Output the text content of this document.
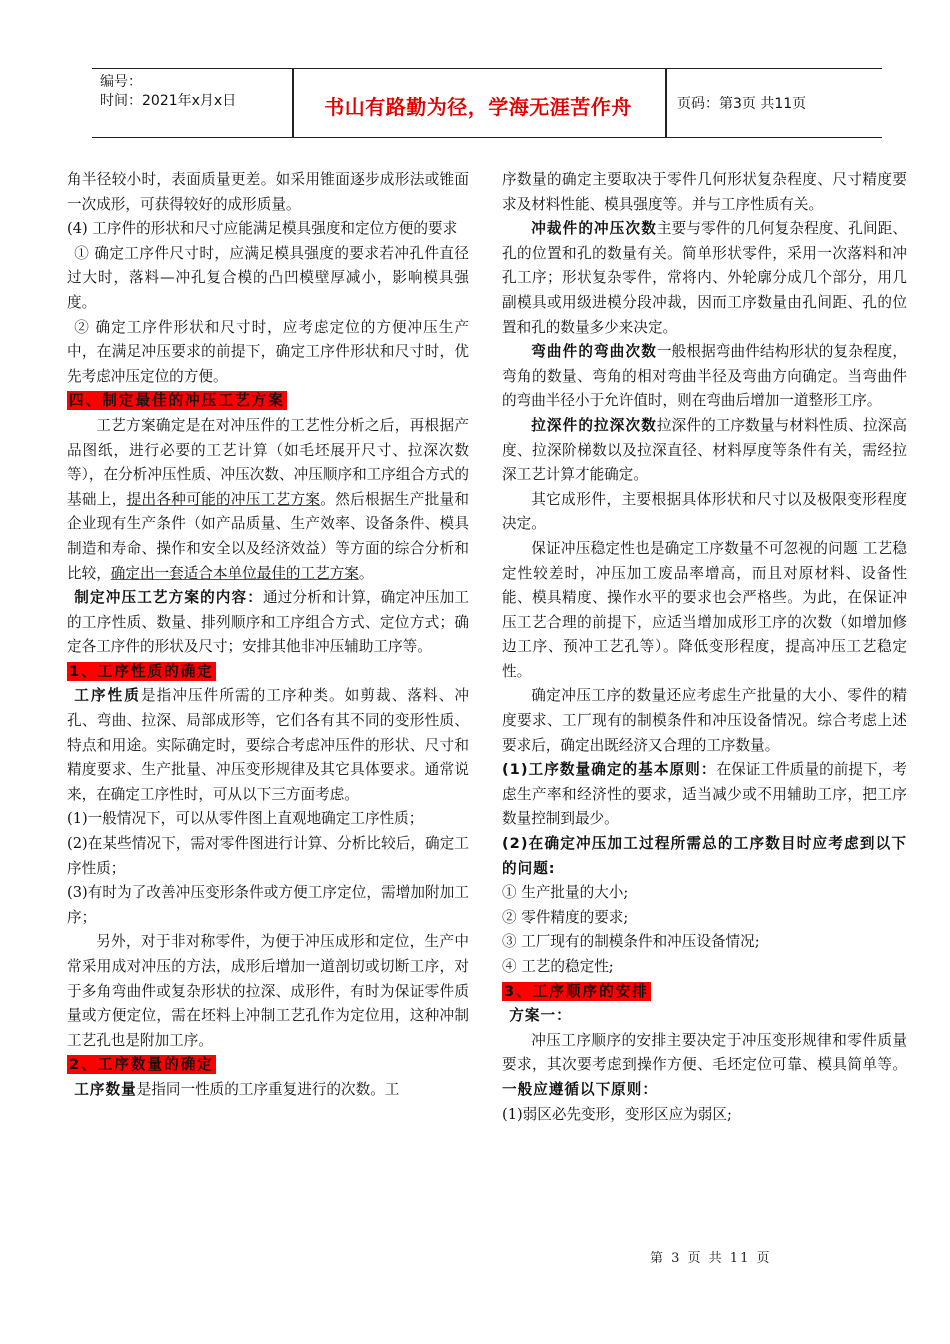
编号：
时间：2021年x月x日	书山有路勤为径，学海无涯苦作舟	页码：第3页 共11页

角半径较小时，表面质量更差。如采用锥面逐步成形法或锥面一次成形，可获得较好的成形质量。

(4) 工序件的形状和尺寸应能满足模具强度和定位方便的要求

① 确定工序件尺寸时，应满足模具强度的要求若冲孔件直径过大时，落料—冲孔复合模的凸凹模壁厚减小，影响模具强度。

② 确定工序件形状和尺寸时，应考虑定位的方便冲压生产中，在满足冲压要求的前提下，确定工序件形状和尺寸时，优先考虑冲压定位的方便。

四、制定最佳的冲压工艺方案

工艺方案确定是在对冲压件的工艺性分析之后，再根据产品图纸，进行必要的工艺计算（如毛坯展开尺寸、拉深次数等），在分析冲压性质、冲压次数、冲压顺序和工序组合方式的基础上，提出各种可能的冲压工艺方案。然后根据生产批量和企业现有生产条件（如产品质量、生产效率、设备条件、模具制造和寿命、操作和安全以及经济效益）等方面的综合分析和比较，确定出一套适合本单位最佳的工艺方案。

制定冲压工艺方案的内容：通过分析和计算，确定冲压加工的工序性质、数量、排列顺序和工序组合方式、定位方式；确定各工序件的形状及尺寸；安排其他非冲压辅助工序等。

1、工序性质的确定

工序性质是指冲压件所需的工序种类。如剪裁、落料、冲孔、弯曲、拉深、局部成形等，它们各有其不同的变形性质、特点和用途。实际确定时，要综合考虑冲压件的形状、尺寸和精度要求、生产批量、冲压变形规律及其它具体要求。通常说来，在确定工序性时，可从以下三方面考虑。

(1)一般情况下，可以从零件图上直观地确定工序性质；

(2)在某些情况下，需对零件图进行计算、分析比较后，确定工序性质；

(3)有时为了改善冲压变形条件或方便工序定位，需增加附加工序；

另外，对于非对称零件，为便于冲压成形和定位，生产中常采用成对冲压的方法，成形后增加一道剖切或切断工序，对于多角弯曲件或复杂形状的拉深、成形件，有时为保证零件质量或方便定位，需在坯料上冲制工艺孔作为定位用，这种冲制工艺孔也是附加工序。

2、工序数量的确定

工序数量是指同一性质的工序重复进行的次数。工

序数量的确定主要取决于零件几何形状复杂程度、尺寸精度要求及材料性能、模具强度等。并与工序性质有关。

冲裁件的冲压次数主要与零件的几何复杂程度、孔间距、孔的位置和孔的数量有关。简单形状零件，采用一次落料和冲孔工序；形状复杂零件，常将内、外轮廓分成几个部分，用几副模具或用级进模分段冲裁，因而工序数量由孔间距、孔的位置和孔的数量多少来决定。

弯曲件的弯曲次数一般根据弯曲件结构形状的复杂程度，弯角的数量、弯角的相对弯曲半径及弯曲方向确定。当弯曲件的弯曲半径小于允许值时，则在弯曲后增加一道整形工序。

拉深件的拉深次数拉深件的工序数量与材料性质、拉深高度、拉深阶梯数以及拉深直径、材料厚度等条件有关，需经拉深工艺计算才能确定。

其它成形件，主要根据具体形状和尺寸以及极限变形程度决定。

保证冲压稳定性也是确定工序数量不可忽视的问题 工艺稳定性较差时，冲压加工废品率增高，而且对原材料、设备性能、模具精度、操作水平的要求也会严格些。为此，在保证冲压工艺合理的前提下，应适当增加成形工序的次数（如增加修边工序、预冲工艺孔等）。降低变形程度，提高冲压工艺稳定性。

确定冲压工序的数量还应考虑生产批量的大小、零件的精度要求、工厂现有的制模条件和冲压设备情况。综合考虑上述要求后，确定出既经济又合理的工序数量。

(1)工序数量确定的基本原则：在保证工件质量的前提下，考虑生产率和经济性的要求，适当减少或不用辅助工序，把工序数量控制到最少。

(2)在确定冲压加工过程所需总的工序数目时应考虑到以下的问题:

① 生产批量的大小;

② 零件精度的要求;

③ 工厂现有的制模条件和冲压设备情况;

④ 工艺的稳定性;

3、工序顺序的安排

方案一：

冲压工序顺序的安排主要决定于冲压变形规律和零件质量要求，其次要考虑到操作方便、毛坯定位可靠、模具简单等。一般应遵循以下原则：

(1)弱区必先变形，变形区应为弱区;

第 3 页 共 11 页
